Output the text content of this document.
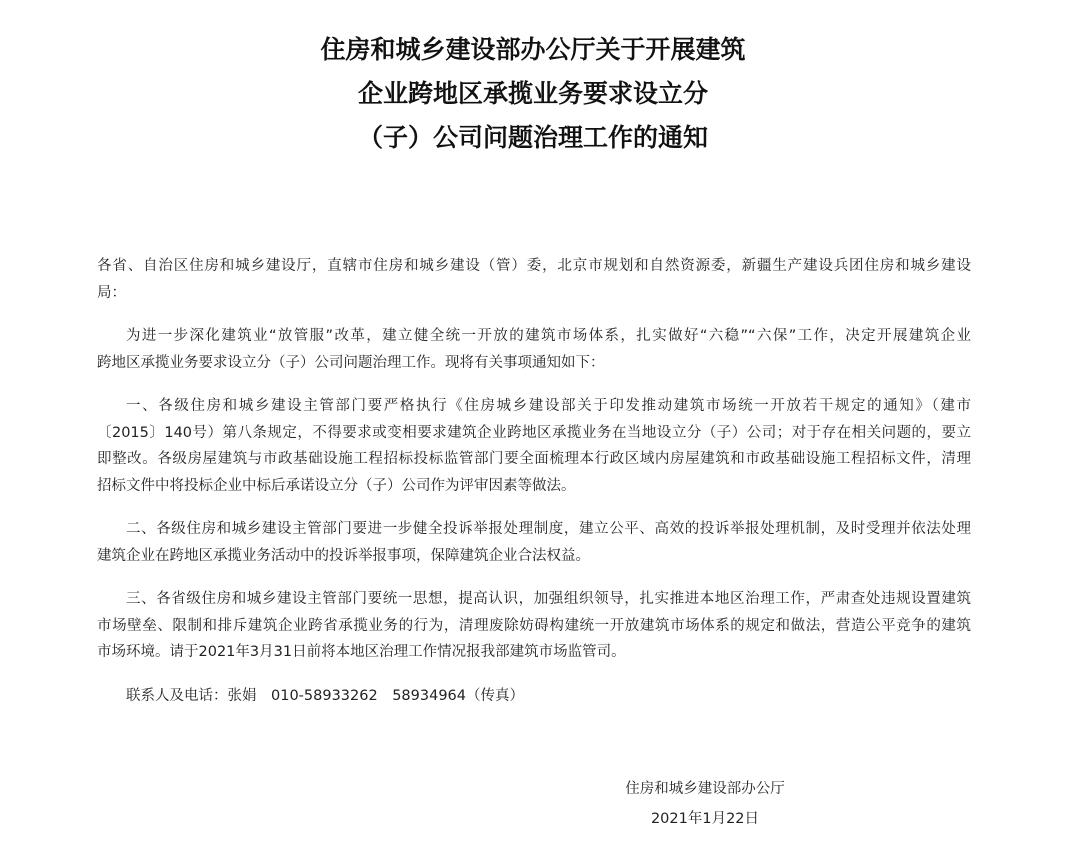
住房和城乡建设部办公厅关于开展建筑
企业跨地区承揽业务要求设立分
（子）公司问题治理工作的通知

各省、自治区住房和城乡建设厅，直辖市住房和城乡建设（管）委，北京市规划和自然资源委，新疆生产建设兵团住房和城乡建设
局：

为进一步深化建筑业“放管服”改革，建立健全统一开放的建筑市场体系，扎实做好“六稳”“六保”工作，决定开展建筑企业
跨地区承揽业务要求设立分（子）公司问题治理工作。现将有关事项通知如下：

一、各级住房和城乡建设主管部门要严格执行《住房城乡建设部关于印发推动建筑市场统一开放若干规定的通知》（建市
〔2015〕140号）第八条规定，不得要求或变相要求建筑企业跨地区承揽业务在当地设立分（子）公司；对于存在相关问题的，要立
即整改。各级房屋建筑与市政基础设施工程招标投标监管部门要全面梳理本行政区域内房屋建筑和市政基础设施工程招标文件，清理
招标文件中将投标企业中标后承诺设立分（子）公司作为评审因素等做法。

二、各级住房和城乡建设主管部门要进一步健全投诉举报处理制度，建立公平、高效的投诉举报处理机制，及时受理并依法处理
建筑企业在跨地区承揽业务活动中的投诉举报事项，保障建筑企业合法权益。

三、各省级住房和城乡建设主管部门要统一思想，提高认识，加强组织领导，扎实推进本地区治理工作，严肃查处违规设置建筑
市场壁垒、限制和排斥建筑企业跨省承揽业务的行为，清理废除妨碍构建统一开放建筑市场体系的规定和做法，营造公平竞争的建筑
市场环境。请于2021年3月31日前将本地区治理工作情况报我部建筑市场监管司。

联系人及电话：张娟　010-58933262　58934964（传真）

住房和城乡建设部办公厅
2021年1月22日
